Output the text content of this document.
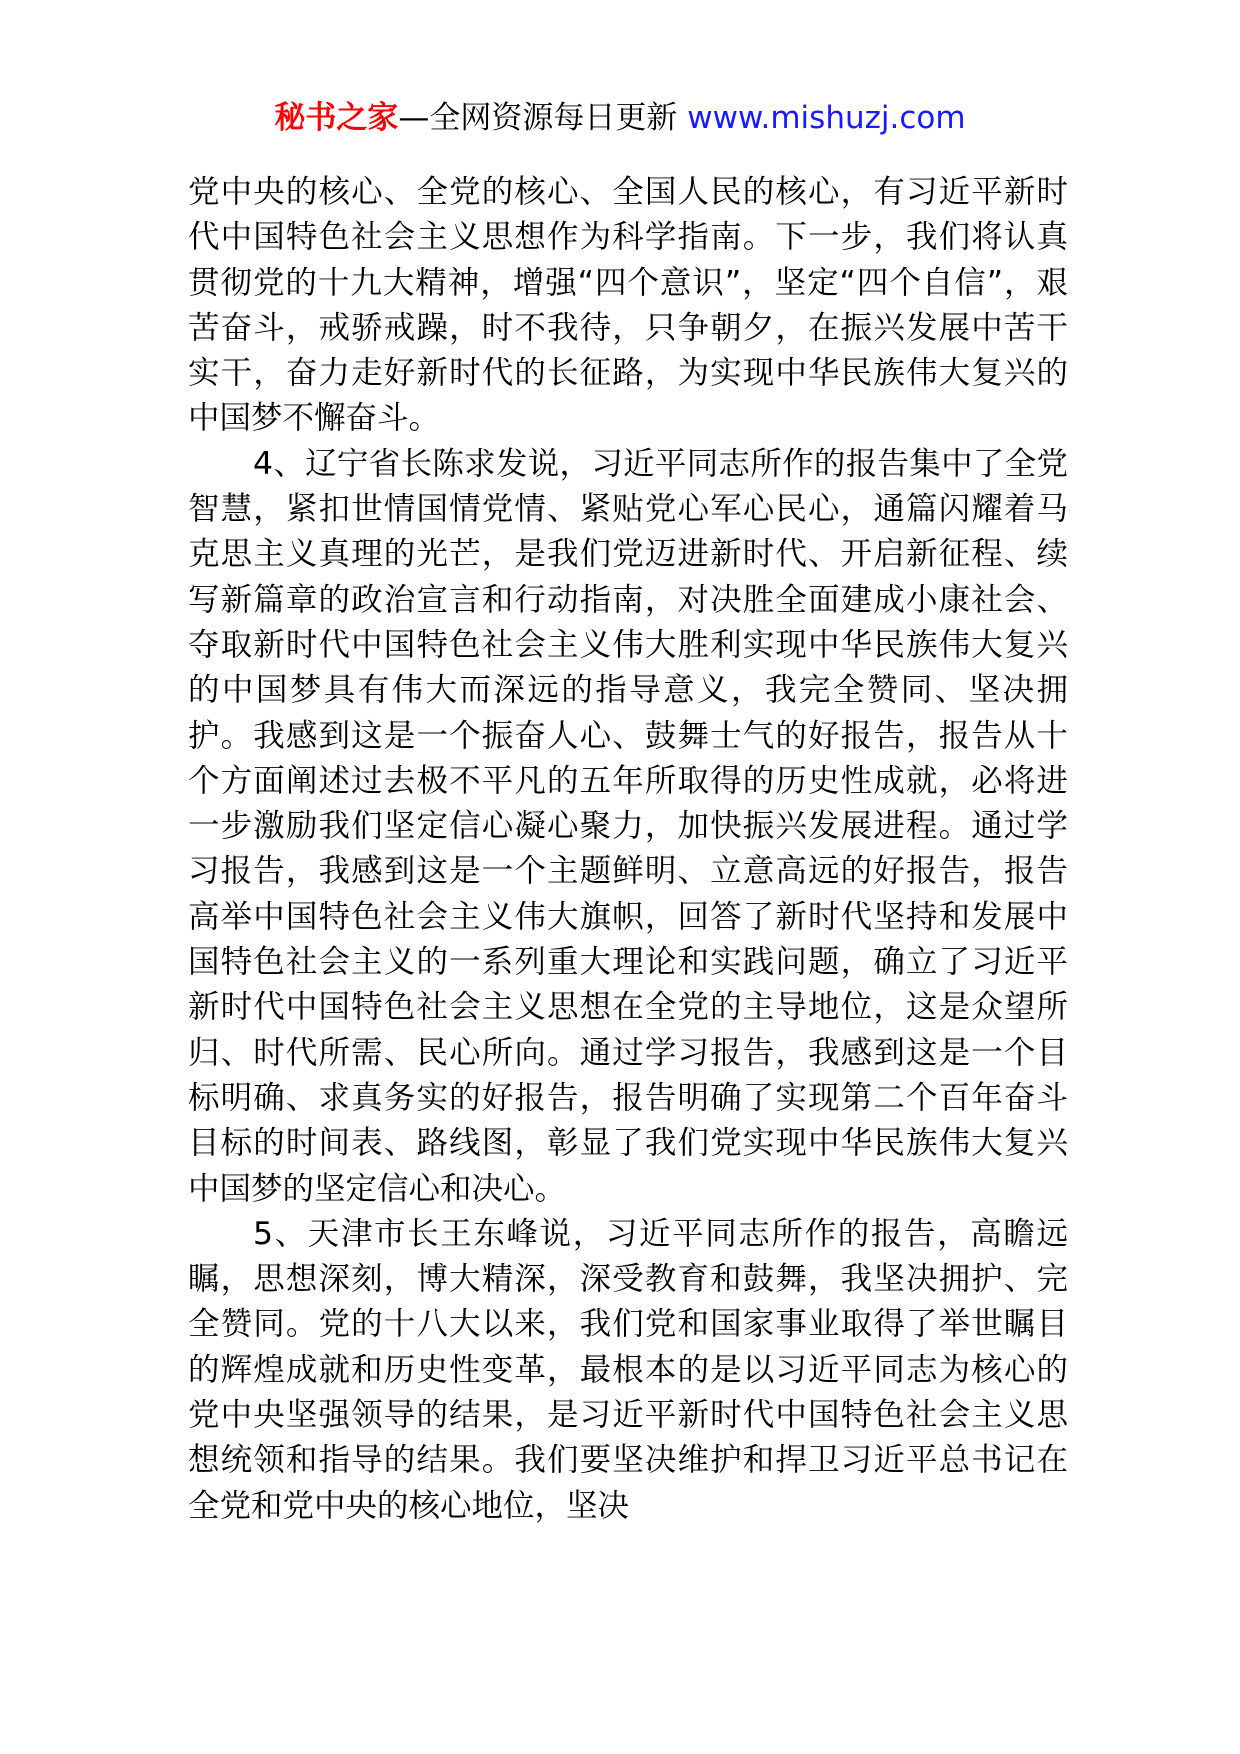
秘书之家—全网资源每日更新 www.mishuzj.com

党中央的核心、全党的核心、全国人民的核心，有习近平新时代中国特色社会主义思想作为科学指南。下一步，我们将认真贯彻党的十九大精神，增强“四个意识”，坚定“四个自信”，艰苦奋斗，戒骄戒躁，时不我待，只争朝夕，在振兴发展中苦干实干，奋力走好新时代的长征路，为实现中华民族伟大复兴的中国梦不懈奋斗。

4、辽宁省长陈求发说，习近平同志所作的报告集中了全党智慧，紧扣世情国情党情、紧贴党心军心民心，通篇闪耀着马克思主义真理的光芒，是我们党迈进新时代、开启新征程、续写新篇章的政治宣言和行动指南，对决胜全面建成小康社会、夺取新时代中国特色社会主义伟大胜利实现中华民族伟大复兴的中国梦具有伟大而深远的指导意义，我完全赞同、坚决拥护。我感到这是一个振奋人心、鼓舞士气的好报告，报告从十个方面阐述过去极不平凡的五年所取得的历史性成就，必将进一步激励我们坚定信心凝心聚力，加快振兴发展进程。通过学习报告，我感到这是一个主题鲜明、立意高远的好报告，报告高举中国特色社会主义伟大旗帜，回答了新时代坚持和发展中国特色社会主义的一系列重大理论和实践问题，确立了习近平新时代中国特色社会主义思想在全党的主导地位，这是众望所归、时代所需、民心所向。通过学习报告，我感到这是一个目标明确、求真务实的好报告，报告明确了实现第二个百年奋斗目标的时间表、路线图，彰显了我们党实现中华民族伟大复兴中国梦的坚定信心和决心。

5、天津市长王东峰说，习近平同志所作的报告，高瞻远瞩，思想深刻，博大精深，深受教育和鼓舞，我坚决拥护、完全赞同。党的十八大以来，我们党和国家事业取得了举世瞩目的辉煌成就和历史性变革，最根本的是以习近平同志为核心的党中央坚强领导的结果，是习近平新时代中国特色社会主义思想统领和指导的结果。我们要坚决维护和捍卫习近平总书记在全党和党中央的核心地位，坚决
